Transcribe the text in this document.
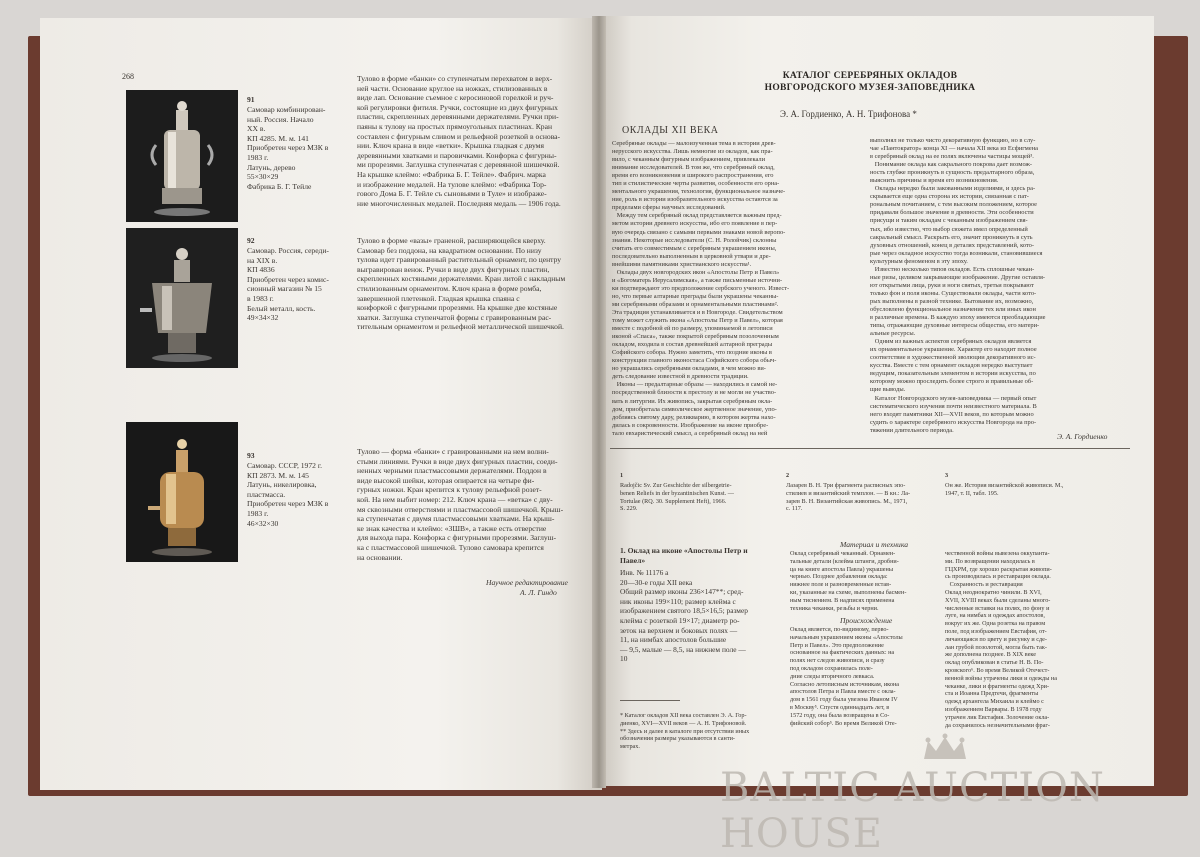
268
91
Самовар комбинирован-
ный. Россия. Начало
XX в.
КП 4285. М. м. 141
Приобретен через МЗК в
1983 г.
Латунь, дерево
55×30×29
Фабрика Б. Г. Тейле
Тулово в форме «банки» со ступенчатым перехватом в верх-
ней части. Основание круглое на ножках, стилизованных в
виде лап. Основание съемное с керосиновой горелкой и руч-
кой регулировки фитиля. Ручки, состоящие из двух фигурных
пластин, скрепленных деревянными держателями. Ручки при-
паяны к тулову на простых прямоугольных пластинах. Кран
составлен с фигурным сливом и рельефной розеткой в основа-
нии. Ключ крана в виде «ветки». Крышка гладкая с двумя
деревянными хватками и паровичками. Конфорка с фигурны-
ми прорезями. Заглушка ступенчатая с деревянной шишечкой.
На крышке клеймо: «Фабрика Б. Г. Тейле». Фабрич. марка
и изображение медалей. На тулове клеймо: «Фабрика Тор-
гового Дома Б. Г. Тейле съ сыновьями в Туле» и изображе-
ние многочисленных медалей. Последняя медаль — 1906 года.
92
Самовар. Россия, середи-
на XIX в.
КП 4836
Приобретен через комис-
сионный магазин № 15
в 1983 г.
Белый металл, кость.
49×34×32
Тулово в форме «вазы» граненой, расширяющейся кверху.
Самовар без поддона, на квадратном основании. По низу
тулова идет гравированный растительный орнамент, по центру
выгравирован венок. Ручки в виде двух фигурных пластин,
скрепленных костяными держателями. Кран литой с накладным
стилизованным орнаментом. Ключ крана в форме ромба,
завершенной плетенкой. Гладкая крышка спаяна с
конфоркой с фигурными прорезями. На крышке две костяные
хватки. Заглушка ступенчатой формы с гравированным рас-
тительным орнаментом и рельефной металлической шишечкой.
93
Самовар. СССР, 1972 г.
КП 2873. М. м. 145
Латунь, никелировка,
пластмасса.
Приобретен через МЗК в
1983 г.
46×32×30
Тулово — форма «банки» с гравированными на нем волни-
стыми линиями. Ручки в виде двух фигурных пластин, соеди-
ненных черными пластмассовыми держателями. Поддон в
виде высокой шейки, которая опирается на четыре фи-
гурных ножки. Кран крепится к тулову рельефной розет-
кой. На нем выбит номер: 212. Ключ крана — «ветка» с дву-
мя сквозными отверстиями и пластмассовой шишечкой. Крыш-
ка ступенчатая с двумя пластмассовыми хватками. На крыш-
ке знак качества и клеймо: «ЗШВ», а также есть отверстие
для выхода пара. Конфорка с фигурными прорезями. Заглуш-
ка с пластмассовой шишечкой. Тулово самовара крепится
на основании.
Научное редактирование
А. Л. Гиндо
КАТАЛОГ СЕРЕБРЯНЫХ ОКЛАДОВ
НОВГОРОДСКОГО МУЗЕЯ-ЗАПОВЕДНИКА
Э. А. Гордиенко, А. Н. Трифонова *
ОКЛАДЫ XII ВЕКА
Серебряные оклады — малоизученная тема в истории древ-
нерусского искусства. Лишь немногие из окладов, как пра-
вило, с чеканным фигурным изображением, привлекали
внимание исследователей. В том же, что серебряный оклад,
время его возникновения и широкого распространения, его
тип и стилистические черты развития, особенности его орна-
ментального украшения, технология, функциональное назначе-
ние, роль в истории изобразительного искусства остаются за
пределами сферы научных исследований.
Между тем серебряный оклад представляется важным пред-
метом истории древнего искусства, ибо его появление в пер-
вую очередь связано с самыми первыми знаками новой веропо-
знания. Некоторые исследователи (С. Н. Ролойчик) склонны
считать его совместимым с серебряным украшением иконы,
последовательно выполненным в церковной утвари и дре-
внейшими памятниками христианского искусства¹.
Оклады двух новгородских икон «Апостолы Петр и Павел»
и «Богоматерь Иерусалимская», а также письменные источни-
ки подтверждают это предположение сербского ученого. Извест-
но, что первые алтарные преграды были украшены чеканны-
ми серебряными образами и орнаментальными пластинами².
Эта традиция устанавливается и в Новгороде. Свидетельством
тому может служить икона «Апостолы Петр и Павел», которая
вместе с подобной ей по размеру, упоминаемой в летописи
иконой «Спаса», также покрытой серебряным позолоченным
окладом, входила в состав древнейшей алтарной преграды
Софийского собора. Нужно заметить, что поздние иконы в
конструкции главного иконостаса Софийского собора обыч-
но украшались серебряными окладами, в чем можно ви-
деть следование известной в древности традиции.
Иконы — предалтарные образы — находились в самой не-
посредственной близости к престолу и не могли не участво-
вать в литургии. Их живопись, закрытая серебряным окла-
дом, приобретала символическое жертвенное значение, упо-
добляясь святому дару, реликварию, в котором жертва нахо-
дилась в сокровенности. Изображение на иконе приобре-
тало евхаристический смысл, а серебряный оклад на ней
выполнял не только чисто декоративную функцию, но в слу-
чае «Пантократор» конца XI — начала XII века из Есфигмена
в серебряный оклад на ее полях включены частицы мощей³.
Понимание оклада как сакрального покрова дает возмож-
ность глубже проникнуть в сущность предалтарного образа,
выяснить причины и время его возникновения.
Оклады нередко были закованными изделиями, и здесь ра-
скрывается еще одна сторона их истории, связанная с пат-
рональным почитанием, с тем высоким положением, которое
придавали большое значение в древности. Эти особенности
присущи и таким окладам с чеканным изображением свя-
тых, ибо известно, что выбор сюжета имел определенный
сакральный смысл. Раскрыть его, значит проникнуть в суть
духовных отношений, конец в деталях представлений, кото-
рые через окладное искусство тогда возникали, становившиеся
культурным феноменом в эту эпоху.
Известно несколько типов окладов. Есть сплошные чекан-
ные ризы, целиком закрывающие изображение. Другие оставля-
ют открытыми лица, руки и ноги святых, третьи покрывают
только фон и поля иконы. Существовали оклады, части кото-
рых выполнены в разной технике. Бытование их, возможно,
обусловлено функциональное назначение тех или иных икон
в различные времена. В каждую эпоху имеются преобладающие
типы, отражающие духовные интересы общества, его матери-
альные ресурсы.
Одним из важных аспектов серебряных окладов является
их орнаментальное украшение. Характер его находит полное
соответствие в художественной эволюции декоративного ис-
кусства. Вместе с тем орнамент окладов нередко выступает
ведущим, показательным элементом в истории искусства, по
которому можно проследить более строго и правильные об-
щие выводы.
Каталог Новгородского музея-заповедника — первый опыт
систематического изучения почти неизвестного материала. В
него входят памятники XII—XVII веков, по которым можно
судить о характере серебряного искусства Новгорода на про-
тяжении длительного периода.
Э. А. Гордиенко
1
Radojčic Sv. Zur Geschichte der silbergetrie-
benen Reliefs in der byzantinischen Kunst. —
Tortulae (RQ. 30. Supplement Heft), 1966.
S. 229.
2
Лазарев В. Н. Три фрагмента расписных эпо-
стилиев и византийский темплон. — В кн.: Ла-
зарев В. Н. Византийская живопись. М., 1971,
с. 117.
3
Он же. История византийской живописи. М.,
1947, т. II, табл. 195.
1. Оклад на иконе «Апостолы Петр и
Павел»
Инв. № 11176 а
20—30-е годы XII века
Общий размер иконы 236×147**; сред-
ник иконы 199×110; размер клейма с
изображением святого 18,5×16,5; размер
клейма с розеткой 19×17; диаметр ро-
зеток на верхнем и боковых полях —
11, на нимбах апостолов большие
— 9,5, малые — 8,5, на нижнем поле —
10
* Каталог окладов XII века составлен Э. А. Гор-
диенко, XVI—XVII веков — А. Н. Трифоновой.
** Здесь и далее в каталоге при отсутствии иных
обозначения размеры указываются в санти-
метрах.
Материал и техника
Оклад серебряный чеканный. Орнамен-
тальные детали (клейма штанги, дробни-
ца на книге апостола Павла) украшены
чернью. Позднее добавления оклада:
нижнее поле и разновременные встав-
ки, указанные на схеме, выполнены басмен-
ным тиснением. В надписях применена
техника чеканки, резьбы и черни.
Происхождение
Оклад является, по-видимому, перво-
начальным украшением иконы «Апостолы
Петр и Павел». Это предположение
основанное на фактических данных: на
полях нет следов живописи, и сразу
под окладом сохранилась поле-
дние следы вторичного левкаса.
Согласно летописным источникам, икона
апостолов Петра и Павла вместе с окла-
дом в 1561 году была увезена Иваном IV
в Москву⁵. Спустя одиннадцать лет, в
1572 году, она была возвращена в Со-
фийский собор⁵. Во время Великой Оте-
чественной войны вывезена оккупанта-
ми. По возвращении находилась в
ГЦХРМ, где хорошо раскрытая живопи-
сь производилась и реставрация оклада.
Сохранность и реставрация
Оклад неоднократно чинили. В XVI,
XVII, XVIII веках были сделаны много-
численные вставки на полях, по фону и
луге, на нимбах и одеждах апостолов,
вокруг их же. Одна розетка на правом
поле, под изображением Евстафия, от-
личающаяся по цвету и рисунку и сде-
лан грубой позолотой, могла быть так-
же дополнена позднее. В XIX веке
оклад опубликован в статье Н. В. По-
кровского⁶. Во время Великой Отечест-
венной войны утрачены лики и одежды на
чеканке, лики и фрагменты одежд Хри-
ста и Иоанна Предтечи, фрагменты
одежд архангела Михаила и клеймо с
изображением Варвары. В 1978 году
утрачен лик Евстафия. Золочение окла-
да сохранилось незначительными фраг-
BALTIC AUCTION HOUSE
